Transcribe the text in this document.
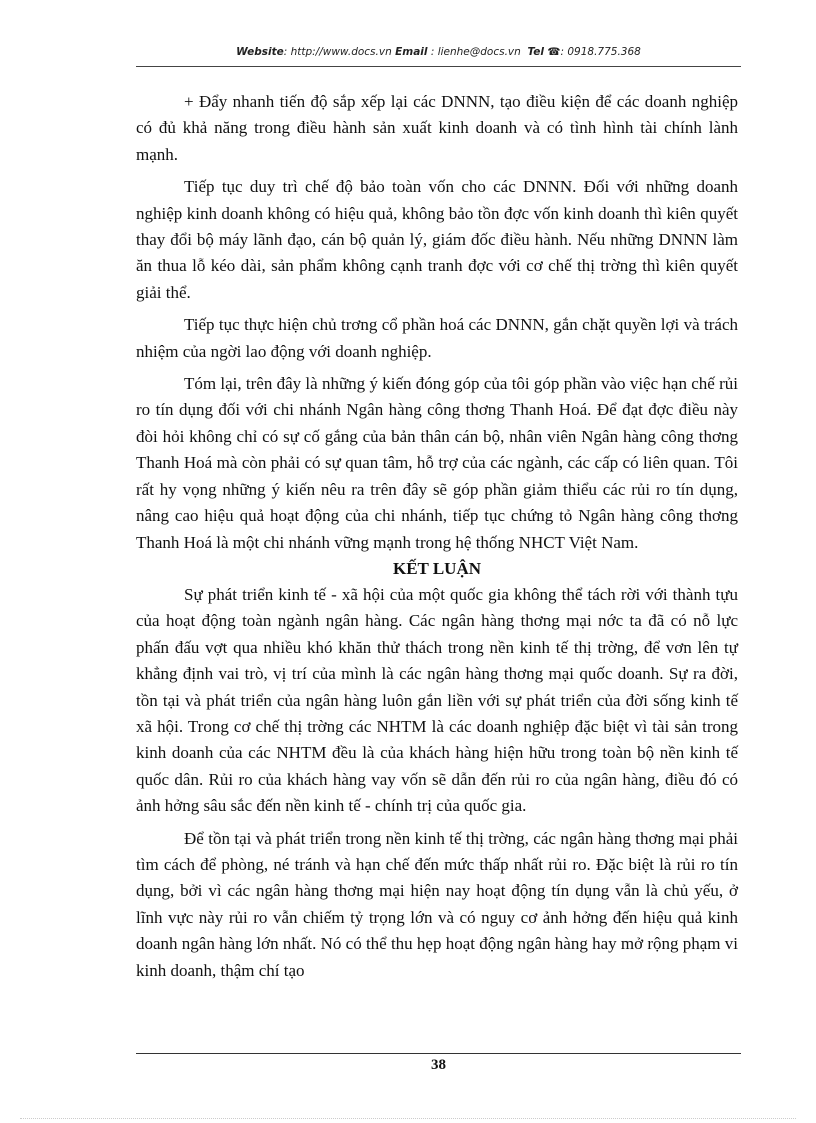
Website: http://www.docs.vn Email : lienhe@docs.vn Tel ☎: 0918.775.368

+ Đẩy nhanh tiến độ sắp xếp lại các DNNN, tạo điều kiện để các doanh nghiệp có đủ khả năng trong điều hành sản xuất kinh doanh và có tình hình tài chính lành mạnh.

Tiếp tục duy trì chế độ bảo toàn vốn cho các DNNN. Đối với những doanh nghiệp kinh doanh không có hiệu quả, không bảo tồn đợc vốn kinh doanh thì kiên quyết thay đổi bộ máy lãnh đạo, cán bộ quản lý, giám đốc điều hành. Nếu những DNNN làm ăn thua lỗ kéo dài, sản phẩm không cạnh tranh đợc với cơ chế thị trờng thì kiên quyết giải thể.

Tiếp tục thực hiện chủ trơng cổ phần hoá các DNNN, gắn chặt quyền lợi và trách nhiệm của ngời lao động với doanh nghiệp.

Tóm lại, trên đây là những ý kiến đóng góp của tôi góp phần vào việc hạn chế rủi ro tín dụng đối với chi nhánh Ngân hàng công thơng Thanh Hoá. Để đạt đợc điều này đòi hỏi không chỉ có sự cố gắng của bản thân cán bộ, nhân viên Ngân hàng công thơng Thanh Hoá mà còn phải có sự quan tâm, hỗ trợ của các ngành, các cấp có liên quan. Tôi rất hy vọng những ý kiến nêu ra trên đây sẽ góp phần giảm thiểu các rủi ro tín dụng, nâng cao hiệu quả hoạt động của chi nhánh, tiếp tục chứng tỏ Ngân hàng công thơng Thanh Hoá là một chi nhánh vững mạnh trong hệ thống NHCT Việt Nam.

KẾT LUẬN

Sự phát triển kinh tế - xã hội của một quốc gia không thể tách rời với thành tựu của hoạt động toàn ngành ngân hàng. Các ngân hàng thơng mại nớc ta đã có nỗ lực phấn đấu vợt qua nhiều khó khăn thử thách trong nền kinh tế thị trờng, để vơn lên tự khẳng định vai trò, vị trí của mình là các ngân hàng thơng mại quốc doanh. Sự ra đời, tồn tại và phát triển của ngân hàng luôn gắn liền với sự phát triển của đời sống kinh tế xã hội. Trong cơ chế thị trờng các NHTM là các doanh nghiệp đặc biệt vì tài sản trong kinh doanh của các NHTM đều là của khách hàng hiện hữu trong toàn bộ nền kinh tế quốc dân. Rủi ro của khách hàng vay vốn sẽ dẫn đến rủi ro của ngân hàng, điều đó có ảnh hởng sâu sắc đến nền kinh tế - chính trị của quốc gia.

Để tồn tại và phát triển trong nền kinh tế thị trờng, các ngân hàng thơng mại phải tìm cách để phòng, né tránh và hạn chế đến mức thấp nhất rủi ro. Đặc biệt là rủi ro tín dụng, bởi vì các ngân hàng thơng mại hiện nay hoạt động tín dụng vẫn là chủ yếu, ở lĩnh vực này rủi ro vẫn chiếm tỷ trọng lớn và có nguy cơ ảnh hởng đến hiệu quả kinh doanh ngân hàng lớn nhất. Nó có thể thu hẹp hoạt động ngân hàng hay mở rộng phạm vi kinh doanh, thậm chí tạo

38
